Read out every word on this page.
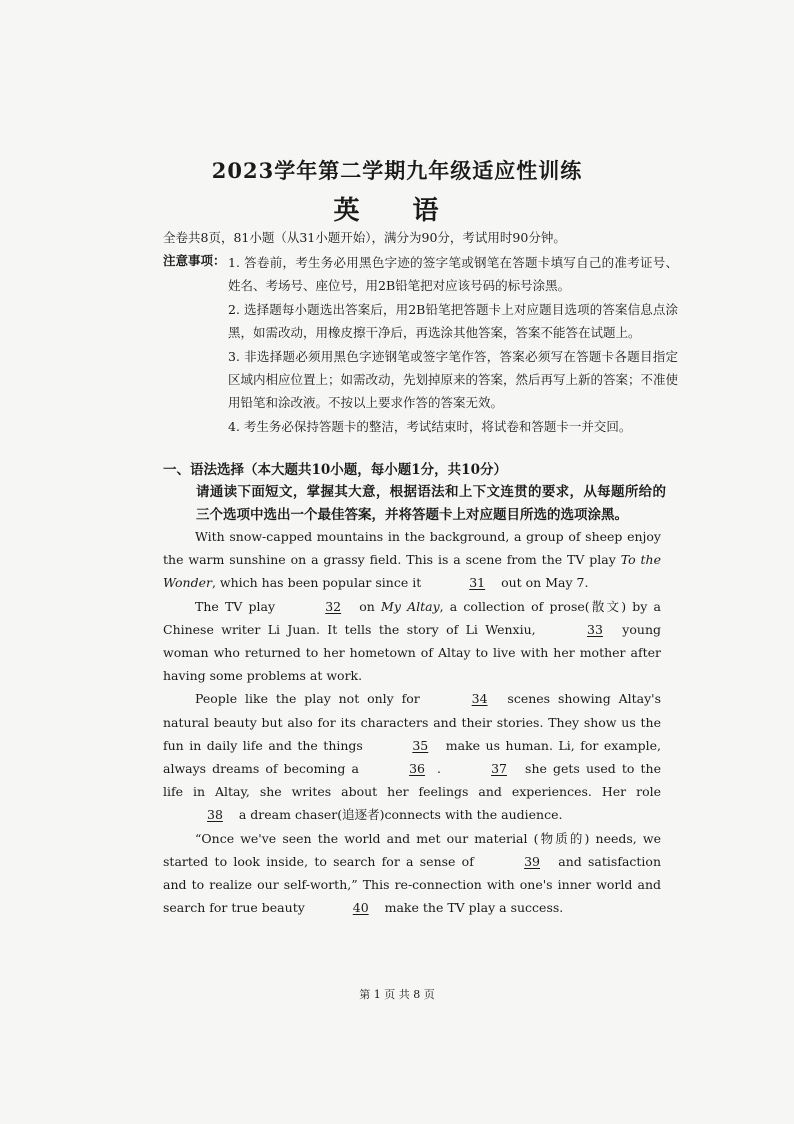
2023学年第二学期九年级适应性训练
英 语
全卷共8页，81小题（从31小题开始），满分为90分，考试用时90分钟。
注意事项： 1. 答卷前，考生务必用黑色字迹的签字笔或钢笔在答题卡填写自己的准考证号、姓名、考场号、座位号，用2B铅笔把对应该号码的标号涂黑。

2. 选择题每小题选出答案后，用2B铅笔把答题卡上对应题目选项的答案信息点涂黑，如需改动，用橡皮擦干净后，再选涂其他答案，答案不能答在试题上。

3. 非选择题必须用黑色字迹钢笔或签字笔作答，答案必须写在答题卡各题目指定区域内相应位置上；如需改动，先划掉原来的答案，然后再写上新的答案；不准使用铅笔和涂改液。不按以上要求作答的答案无效。

4. 考生务必保持答题卡的整洁，考试结束时，将试卷和答题卡一并交回。

一、语法选择（本大题共10小题，每小题1分，共10分）
请通读下面短文，掌握其大意，根据语法和上下文连贯的要求，从每题所给的三个选项中选出一个最佳答案，并将答题卡上对应题目所选的选项涂黑。

With snow-capped mountains in the background, a group of sheep enjoy the warm sunshine on a grassy field. This is a scene from the TV play To the Wonder, which has been popular since it	31 out on May 7.

The TV play	32 on My Altay, a collection of prose(散文) by a Chinese writer Li Juan. It tells the story of Li Wenxiu,	33 young woman who returned to her hometown of Altay to live with her mother after having some problems at work.

People like the play not only for	34 scenes showing Altay's natural beauty but also for its characters and their stories. They show us the fun in daily life and the things	35 make us human. Li, for example, always dreams of becoming a	36 .	37 she gets used to the life in Altay, she writes about her feelings and experiences. Her role 38 a dream chaser(追逐者)connects with the audience.

“Once we've seen the world and met our material (物质的) needs, we started to look inside, to search for a sense of	39 and satisfaction and to realize our self-worth,” This re-connection with one's inner world and search for true beauty	40 make the TV play a success.

第 1 页 共 8 页
